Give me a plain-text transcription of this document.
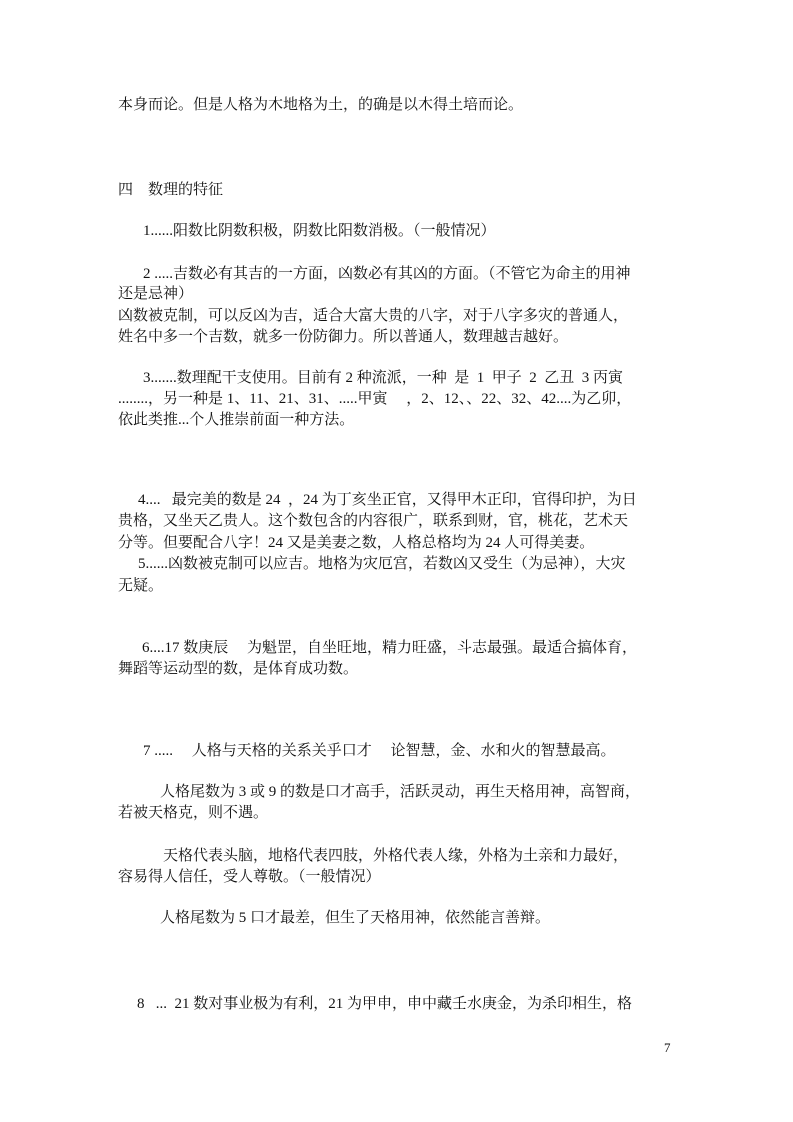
本身而论。但是人格为木地格为土，的确是以木得土培而论。
四    数理的特征
1......阳数比阴数积极，阴数比阳数消极。（一般情况）
2 .....吉数必有其吉的一方面，凶数必有其凶的方面。（不管它为命主的用神
还是忌神）
凶数被克制，可以反凶为吉，适合大富大贵的八字，对于八字多灾的普通人，
姓名中多一个吉数，就多一份防御力。所以普通人，数理越吉越好。
3.......数理配干支使用。目前有 2 种流派，一种  是  1  甲子  2  乙丑  3 丙寅
........，另一种是 1、11、21、31、.....甲寅     ，2、12、、22、32、42....为乙卯，
依此类推...个人推崇前面一种方法。
4....   最完美的数是 24  ，24 为丁亥坐正官，又得甲木正印，官得印护，为日
贵格，又坐天乙贵人。这个数包含的内容很广，联系到财，官，桃花，艺术天
分等。但要配合八字！24 又是美妻之数，人格总格均为 24 人可得美妻。
5......凶数被克制可以应吉。地格为灾厄宫，若数凶又受生（为忌神），大灾
无疑。
6....17 数庚辰     为魁罡，自坐旺地，精力旺盛，斗志最强。最适合搞体育，
舞蹈等运动型的数，是体育成功数。
7 .....     人格与天格的关系关乎口才     论智慧，金、水和火的智慧最高。
人格尾数为 3 或 9 的数是口才高手，活跃灵动，再生天格用神，高智商，
若被天格克，则不遇。
天格代表头脑，地格代表四肢，外格代表人缘，外格为土亲和力最好，
容易得人信任，受人尊敬。（一般情况）
人格尾数为 5 口才最差，但生了天格用神，依然能言善辩。
8   ...  21 数对事业极为有利，21 为甲申，申中藏壬水庚金，为杀印相生，格
7
